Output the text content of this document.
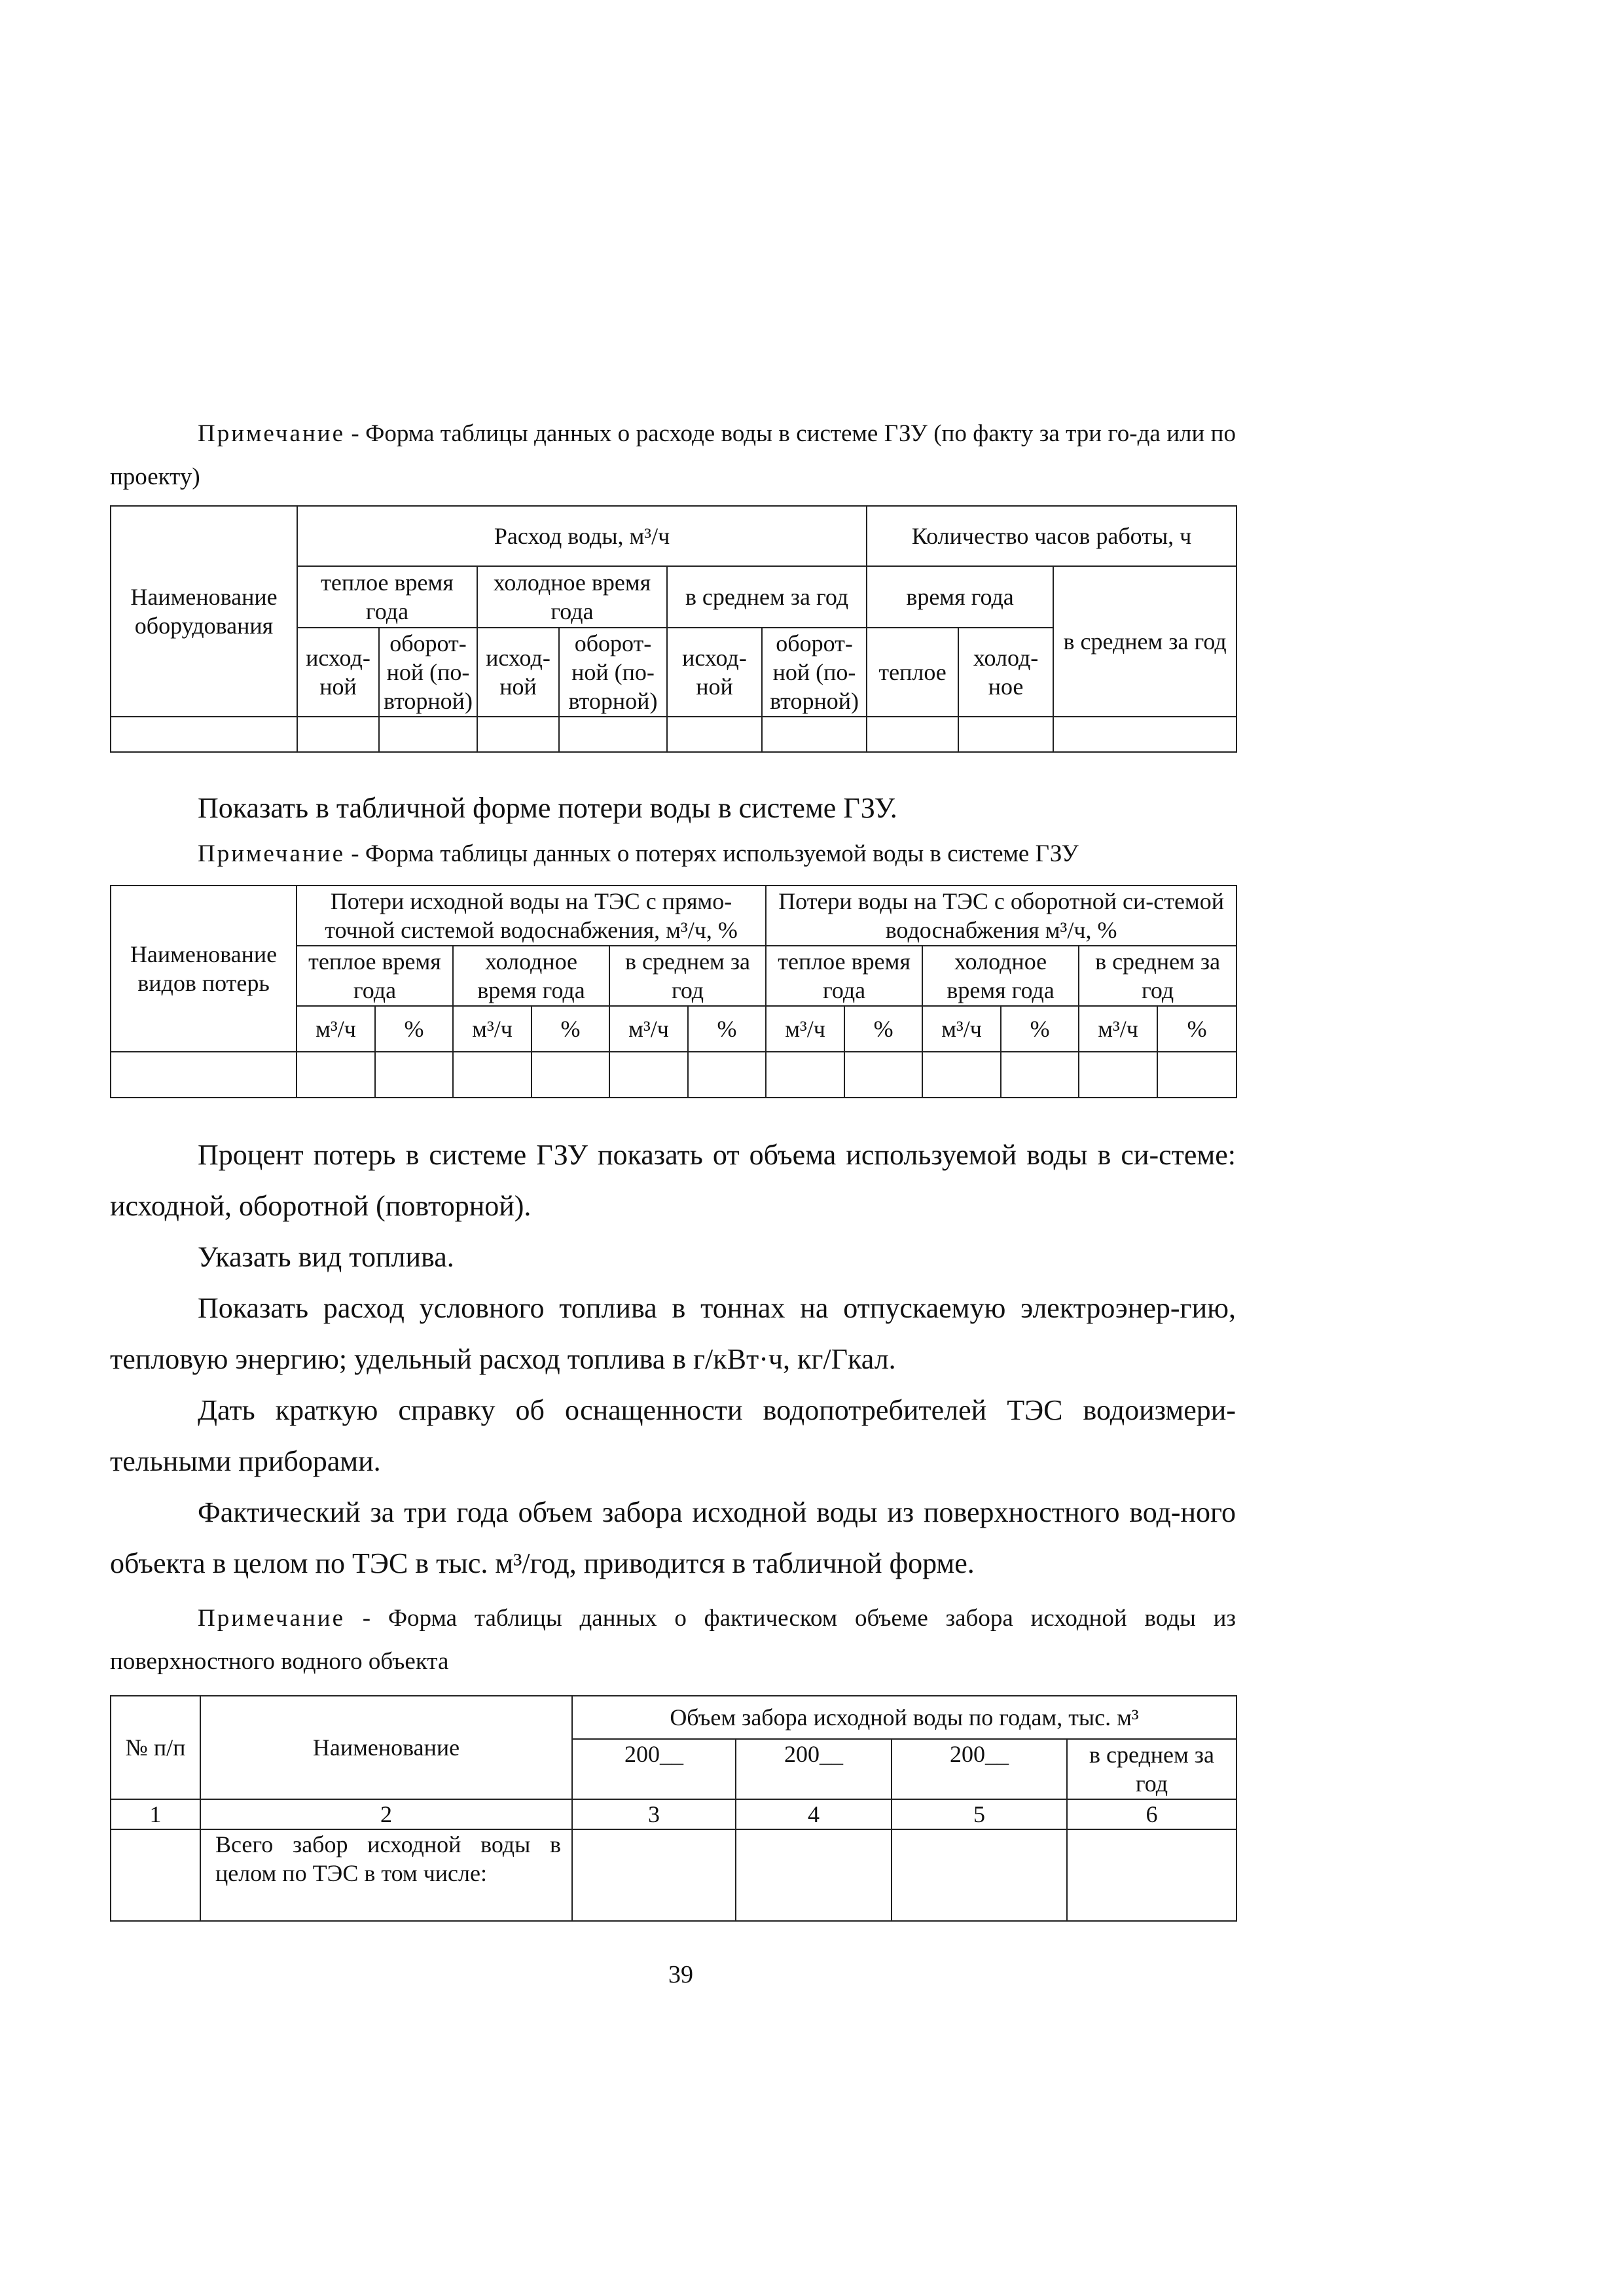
Примечание - Форма таблицы данных о расходе воды в системе ГЗУ (по факту за три го-да или по проекту)
Наименование оборудования	Расход воды, м³/ч						Количество часов работы, ч		
	теплое время года		холодное время года		в среднем за год		время года		в среднем за год
	исход-ной	оборот-ной (по-вторной)	исход-ной	оборот-ной (по-вторной)	исход-ной	оборот-ной (по-вторной)	теплое	холод-ное	

Показать в табличной форме потери воды в системе ГЗУ.
Примечание - Форма таблицы данных о потерях используемой воды в системе ГЗУ
Наименование видов потерь	Потери исходной воды на ТЭС с прямо-точной системой водоснабжения, м³/ч, %						Потери воды на ТЭС с оборотной си-стемой водоснабжения м³/ч, %					
	теплое время года		холодное время года		в среднем за год		теплое время года		холодное время года		в среднем за год	
	м³/ч	%	м³/ч	%	м³/ч	%	м³/ч	%	м³/ч	%	м³/ч	%

Процент потерь в системе ГЗУ показать от объема используемой воды в си-стеме: исходной, оборотной (повторной).
Указать вид топлива.
Показать расход условного топлива в тоннах на отпускаемую электроэнер-гию, тепловую энергию; удельный расход топлива в г/кВт·ч, кг/Гкал.
Дать краткую справку об оснащенности водопотребителей ТЭС водоизмери-тельными приборами.
Фактический за три года объем забора исходной воды из поверхностного вод-ного объекта в целом по ТЭС в тыс. м³/год, приводится в табличной форме.
Примечание - Форма таблицы данных о фактическом объеме забора исходной воды из поверхностного водного объекта
№ п/п	Наименование	Объем забора исходной воды по годам, тыс. м³			
		200__	200__	200__	в среднем за год
1	2	3	4	5	6
	Всего забор исходной воды в целом по ТЭС в том числе:				
39
